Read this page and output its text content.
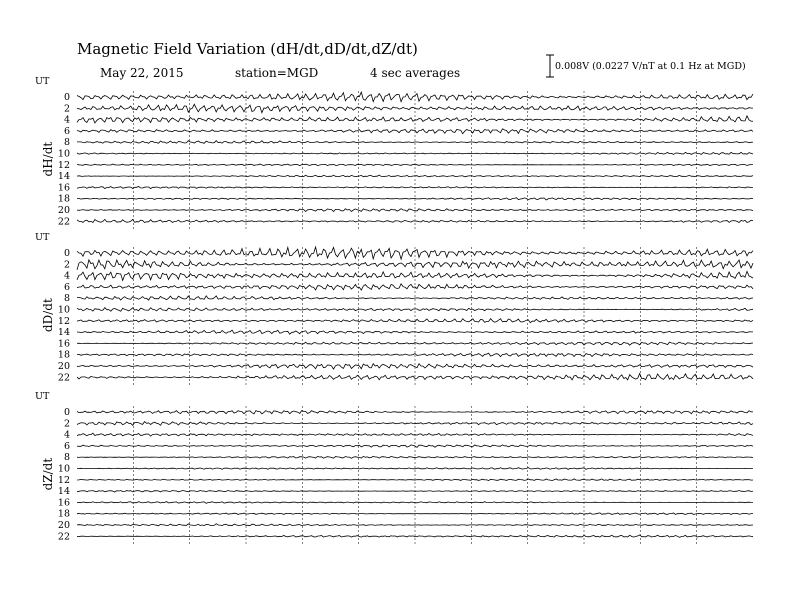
Magnetic Field Variation (dH/dt,dD/dt,dZ/dt)
May 22, 2015	station=MGD	4 sec averages	0.008V (0.0227 V/nT at 0.1 Hz at MGD)
UT
dH/dt
0
2
4
6
8
10
12
14
16
18
20
22
UT
dD/dt
0
2
4
6
8
10
12
14
16
18
20
22
UT
dZ/dt
0
2
4
6
8
10
12
14
16
18
20
22
